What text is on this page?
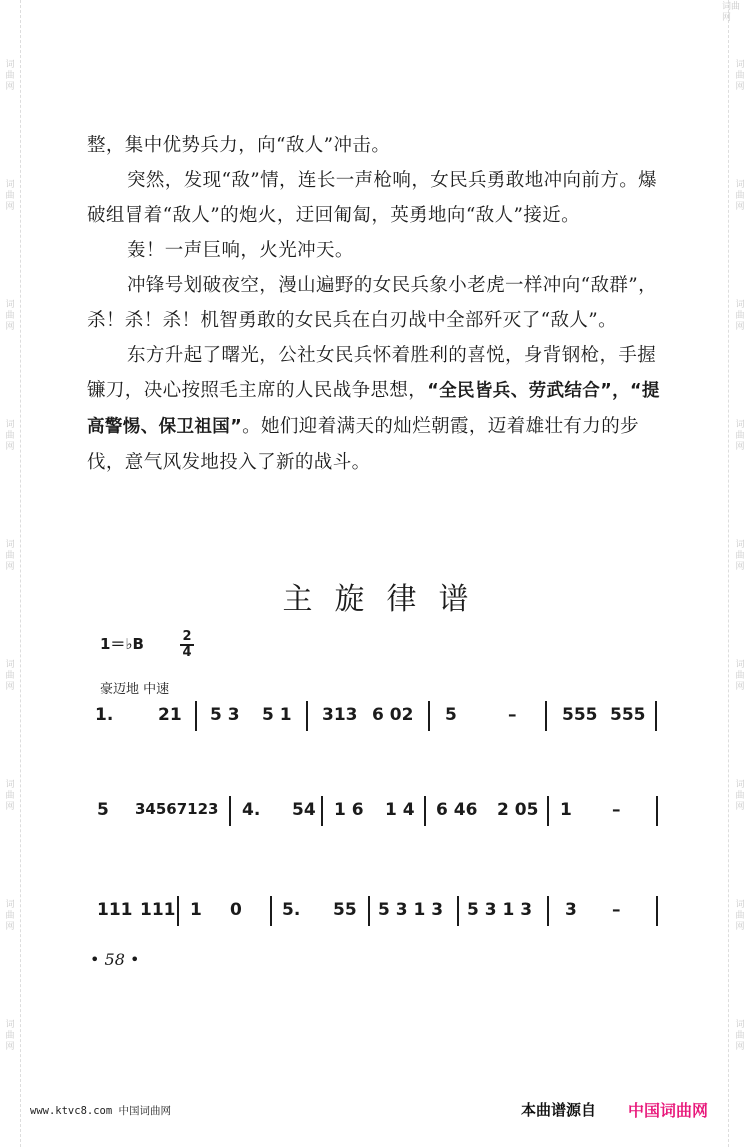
词
曲
网
词
曲
网
词
曲
网
词
曲
网
词
曲
网
词
曲
网
词
曲
网
词
曲
网
词
曲
网
词曲网
词
曲
网
词
曲
网
词
曲
网
词
曲
网
词
曲
网
词
曲
网
词
曲
网
词
曲
网
词
曲
网

整，集中优势兵力，向“敌人”冲击。

突然，发现“敌”情，连长一声枪响，女民兵勇敢地冲向前方。爆破组冒着“敌人”的炮火，迂回匍匐，英勇地向“敌人”接近。

轰！一声巨响，火光冲天。

冲锋号划破夜空，漫山遍野的女民兵象小老虎一样冲向“敌群”，杀！杀！杀！机智勇敢的女民兵在白刃战中全部歼灭了“敌人”。

东方升起了曙光，公社女民兵怀着胜利的喜悦，身背钢枪，手握镰刀，决心按照毛主席的人民战争思想，“全民皆兵、劳武结合”，“提高警惕、保卫祖国”。她们迎着满天的灿烂朝霞，迈着雄壮有力的步伐，意气风发地投入了新的战斗。

主旋律谱
1＝♭B	2
4
豪迈地 中速
1.	21 5 3 5 1 313 6 02 5	–	555 555
5 34567123 4. 54 1 6 1 4 6 46 2 05 1 –
111 111 1 0 5. 55 5 3 1 3 5 3 1 3 3 –
• 58 •
www.ktvc8.com 中国词曲网	本曲谱源自 中国词曲网
